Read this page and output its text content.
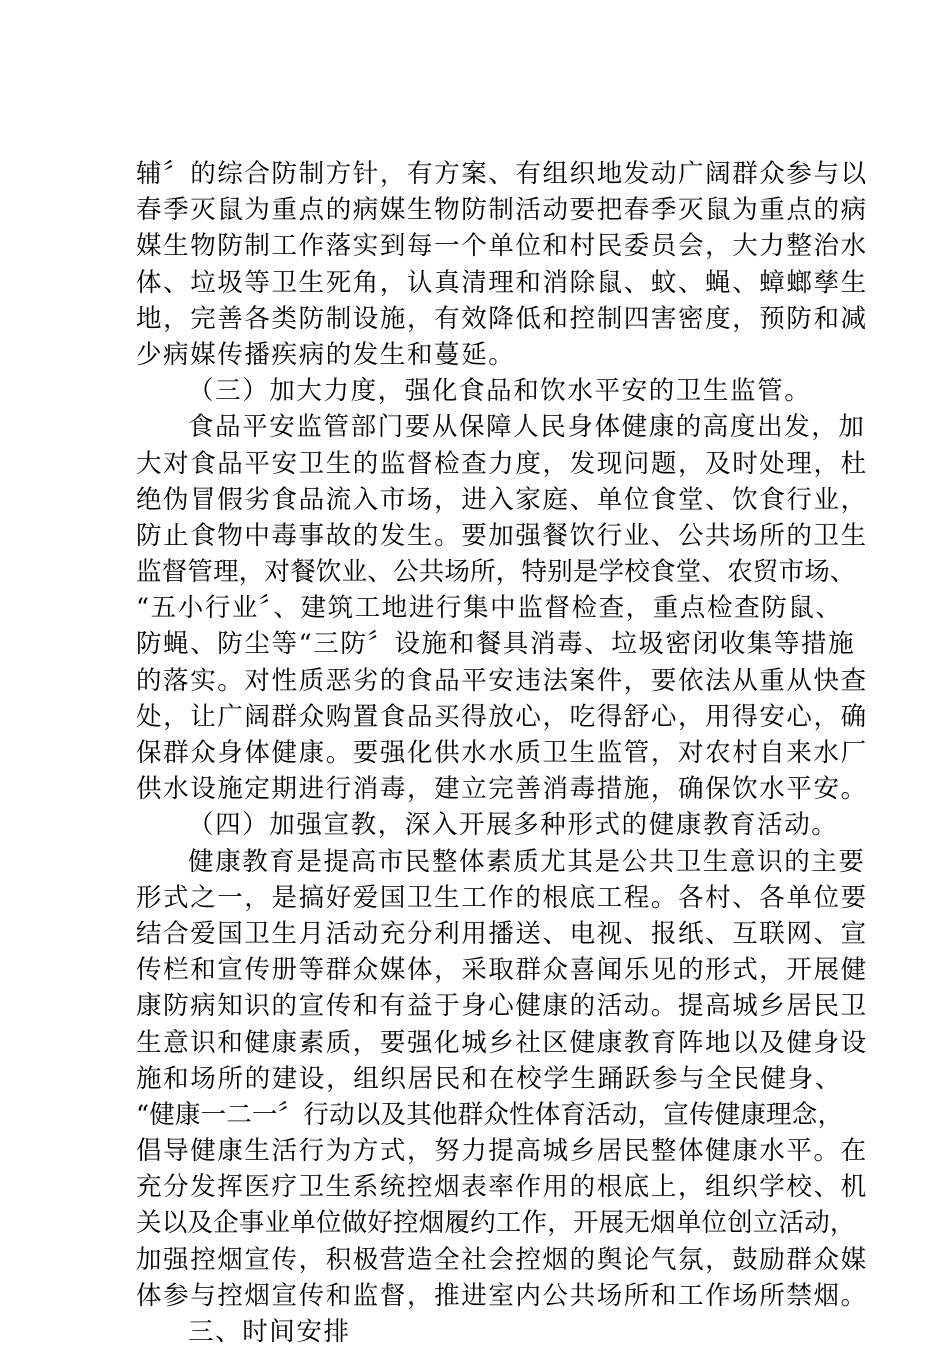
辅〞的综合防制方针，有方案、有组织地发动广阔群众参与以
春季灭鼠为重点的病媒生物防制活动要把春季灭鼠为重点的病
媒生物防制工作落实到每一个单位和村民委员会，大力整治水
体、垃圾等卫生死角，认真清理和消除鼠、蚊、蝇、蟑螂孳生
地，完善各类防制设施，有效降低和控制四害密度，预防和减
少病媒传播疾病的发生和蔓延。
（三）加大力度，强化食品和饮水平安的卫生监管。
食品平安监管部门要从保障人民身体健康的高度出发，加
大对食品平安卫生的监督检查力度，发现问题，及时处理，杜
绝伪冒假劣食品流入市场，进入家庭、单位食堂、饮食行业，
防止食物中毒事故的发生。要加强餐饮行业、公共场所的卫生
监督管理，对餐饮业、公共场所，特别是学校食堂、农贸市场、
“五小行业〞、建筑工地进行集中监督检查，重点检查防鼠、
防蝇、防尘等“三防〞设施和餐具消毒、垃圾密闭收集等措施
的落实。对性质恶劣的食品平安违法案件，要依法从重从快查
处，让广阔群众购置食品买得放心，吃得舒心，用得安心，确
保群众身体健康。要强化供水水质卫生监管，对农村自来水厂
供水设施定期进行消毒，建立完善消毒措施，确保饮水平安。
（四）加强宣教，深入开展多种形式的健康教育活动。
健康教育是提高市民整体素质尤其是公共卫生意识的主要
形式之一，是搞好爱国卫生工作的根底工程。各村、各单位要
结合爱国卫生月活动充分利用播送、电视、报纸、互联网、宣
传栏和宣传册等群众媒体，采取群众喜闻乐见的形式，开展健
康防病知识的宣传和有益于身心健康的活动。提高城乡居民卫
生意识和健康素质，要强化城乡社区健康教育阵地以及健身设
施和场所的建设，组织居民和在校学生踊跃参与全民健身、
“健康一二一〞行动以及其他群众性体育活动，宣传健康理念，
倡导健康生活行为方式，努力提高城乡居民整体健康水平。在
充分发挥医疗卫生系统控烟表率作用的根底上，组织学校、机
关以及企事业单位做好控烟履约工作，开展无烟单位创立活动，
加强控烟宣传，积极营造全社会控烟的舆论气氛，鼓励群众媒
体参与控烟宣传和监督，推进室内公共场所和工作场所禁烟。
三、时间安排
